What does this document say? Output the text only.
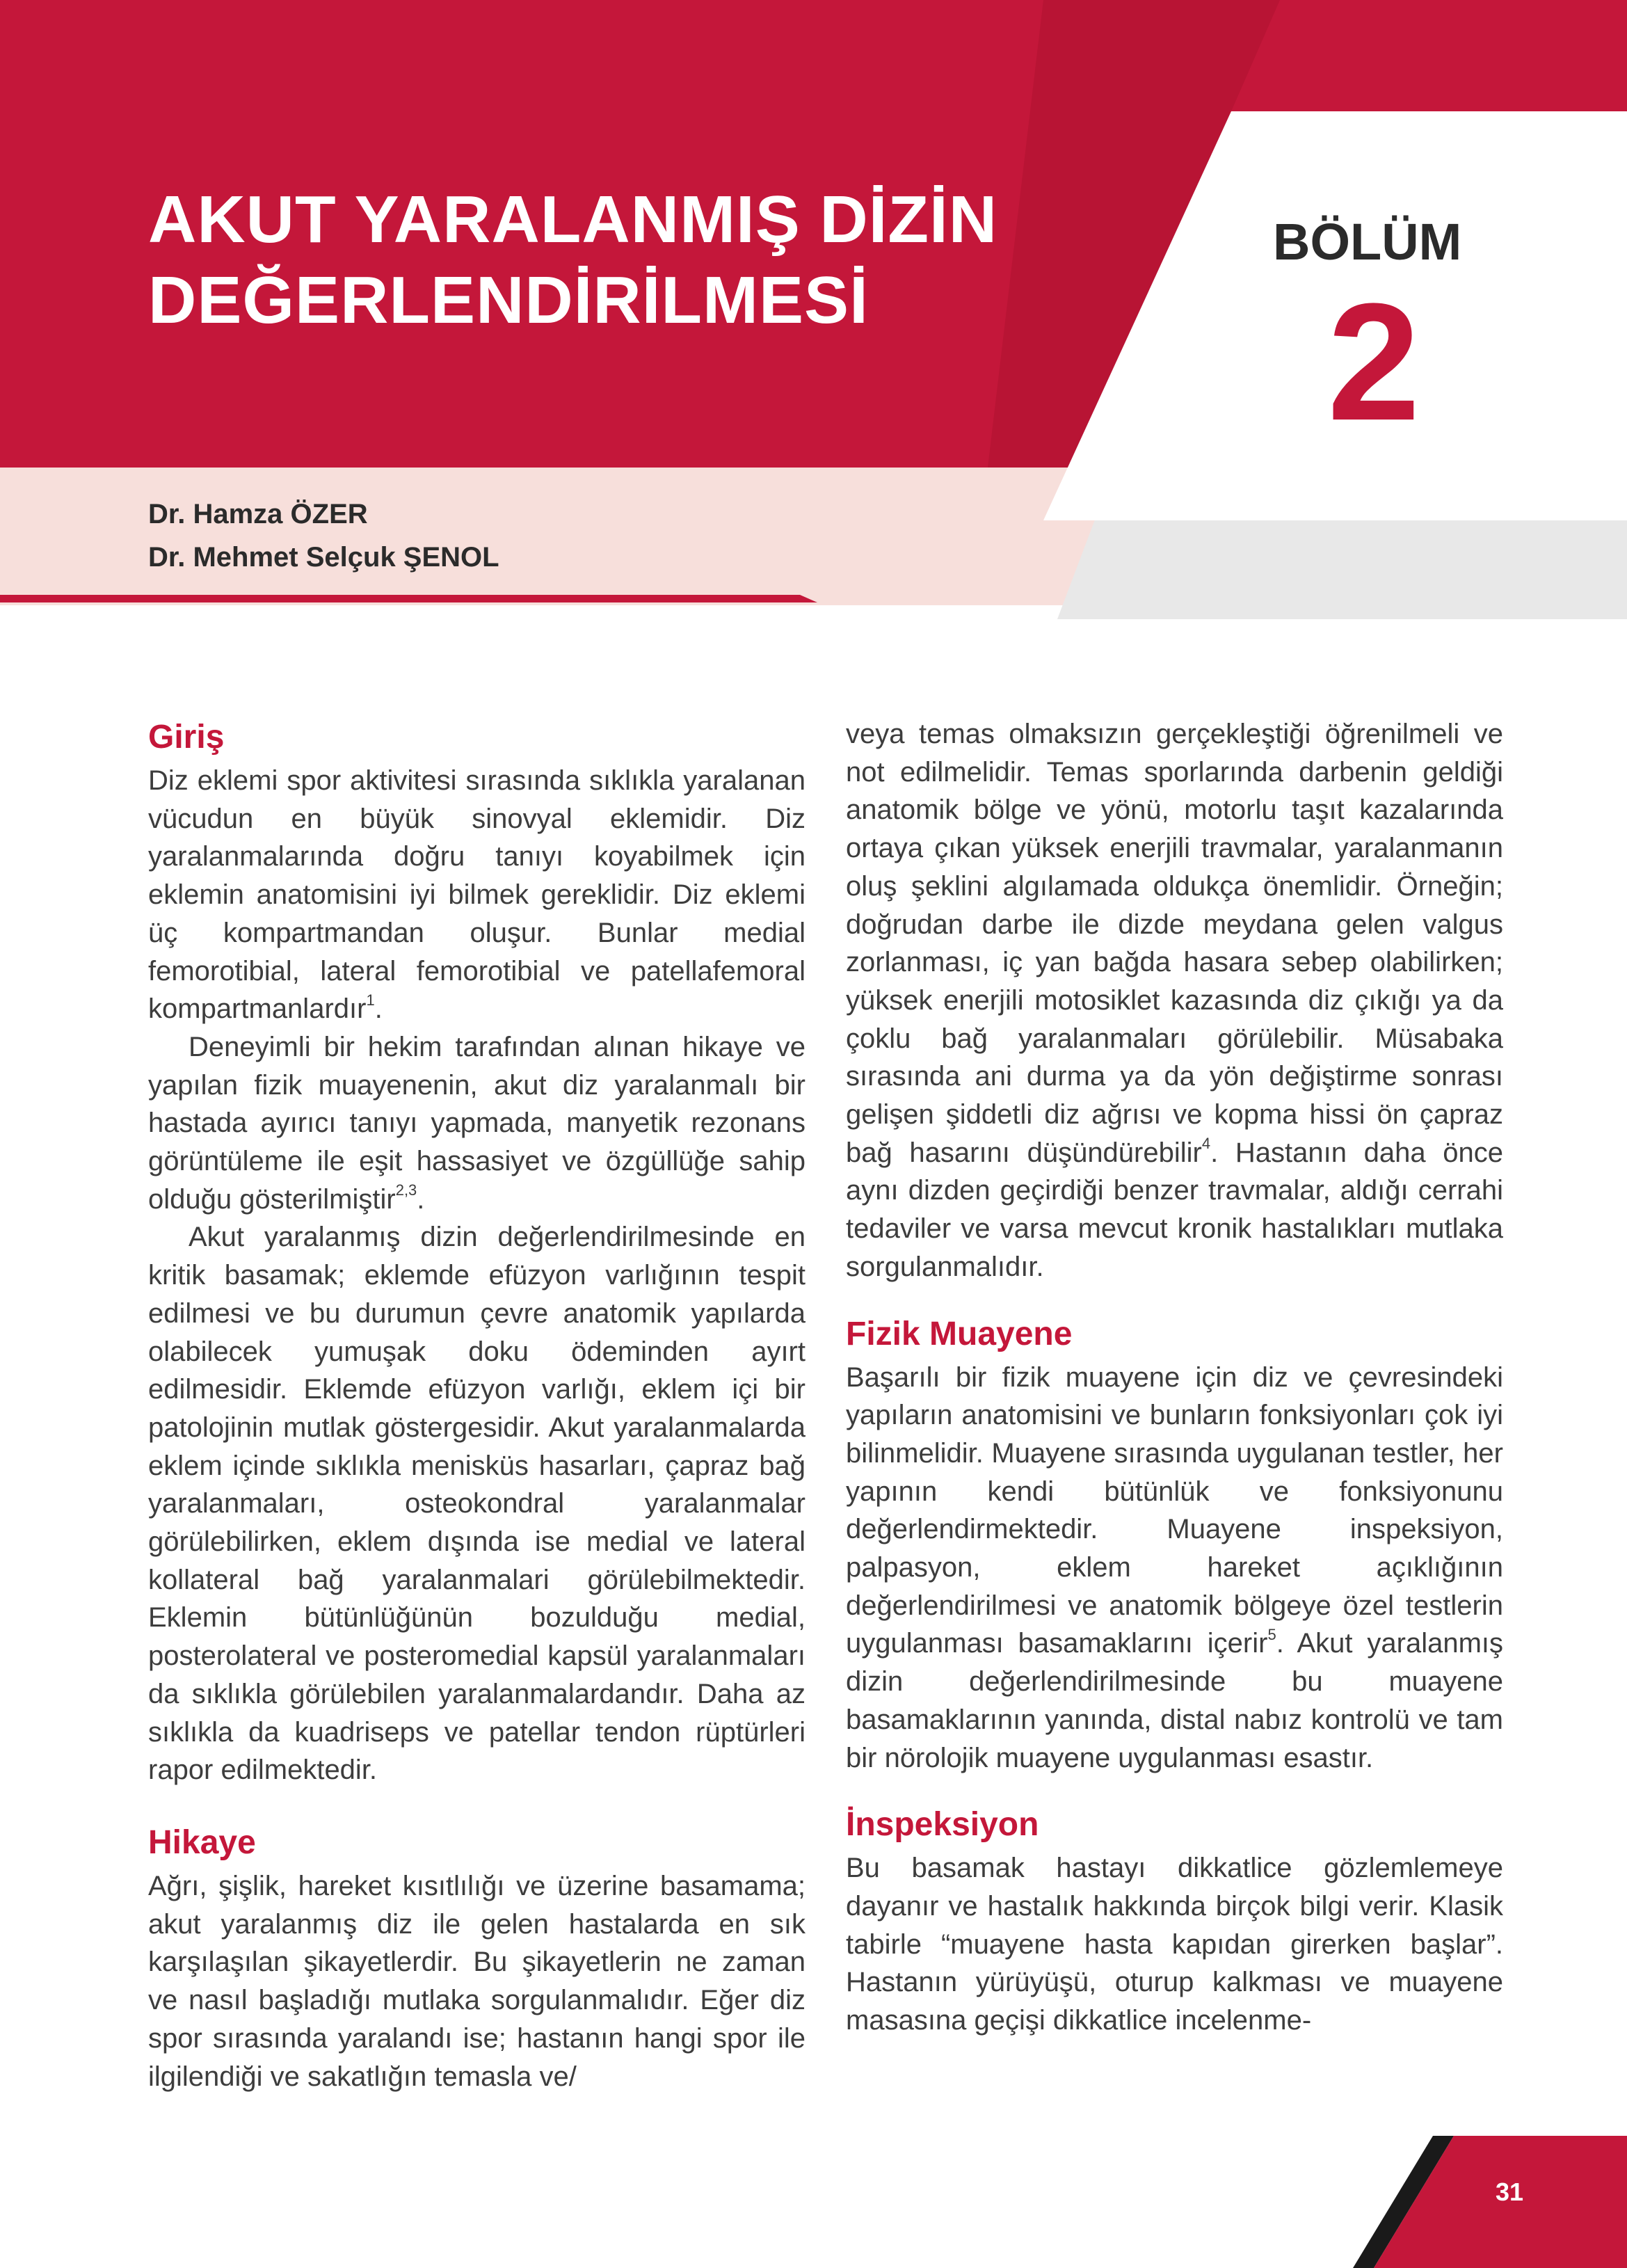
AKUT YARALANMIŞ DİZİN
DEĞERLENDİRİLMESİ
BÖLÜM
2
Dr. Hamza ÖZER
Dr. Mehmet Selçuk ŞENOL
Giriş

Diz eklemi spor aktivitesi sırasında sıklıkla yaralanan vücudun en büyük sinovyal eklemidir. Diz yaralanmalarında doğru tanıyı koyabilmek için eklemin anatomisini iyi bilmek gereklidir. Diz eklemi üç kompartmandan oluşur. Bunlar medial femorotibial, lateral femorotibial ve patellafemoral kompartmanlardır$^1$.

Deneyimli bir hekim tarafından alınan hikaye ve yapılan fizik muayenenin, akut diz yaralanmalı bir hastada ayırıcı tanıyı yapmada, manyetik rezonans görüntüleme ile eşit hassasiyet ve özgüllüğe sahip olduğu gösterilmiştir$^{2,3}$.

Akut yaralanmış dizin değerlendirilmesinde en kritik basamak; eklemde efüzyon varlığının tespit edilmesi ve bu durumun çevre anatomik yapılarda olabilecek yumuşak doku ödeminden ayırt edilmesidir. Eklemde efüzyon varlığı, eklem içi bir patolojinin mutlak göstergesidir. Akut yaralanmalarda eklem içinde sıklıkla menisküs hasarları, çapraz bağ yaralanmaları, osteokondral yaralanmalar görülebilirken, eklem dışında ise medial ve lateral kollateral bağ yaralanmalari görülebilmektedir. Eklemin bütünlüğünün bozulduğu medial, posterolateral ve posteromedial kapsül yaralanmaları da sıklıkla görülebilen yaralanmalardandır. Daha az sıklıkla da kuadriseps ve patellar tendon rüptürleri rapor edilmektedir.

Hikaye

Ağrı, şişlik, hareket kısıtlılığı ve üzerine basamama; akut yaralanmış diz ile gelen hastalarda en sık karşılaşılan şikayetlerdir. Bu şikayetlerin ne zaman ve nasıl başladığı mutlaka sorgulanmalıdır. Eğer diz spor sırasında yaralandı ise; hastanın hangi spor ile ilgilendiği ve sakatlığın temasla ve/

veya temas olmaksızın gerçekleştiği öğrenilmeli ve not edilmelidir. Temas sporlarında darbenin geldiği anatomik bölge ve yönü, motorlu taşıt kazalarında ortaya çıkan yüksek enerjili travmalar, yaralanmanın oluş şeklini algılamada oldukça önemlidir. Örneğin; doğrudan darbe ile dizde meydana gelen valgus zorlanması, iç yan bağda hasara sebep olabilirken; yüksek enerjili motosiklet kazasında diz çıkığı ya da çoklu bağ yaralanmaları görülebilir. Müsabaka sırasında ani durma ya da yön değiştirme sonrası gelişen şiddetli diz ağrısı ve kopma hissi ön çapraz bağ hasarını düşündürebilir$^4$. Hastanın daha önce aynı dizden geçirdiği benzer travmalar, aldığı cerrahi tedaviler ve varsa mevcut kronik hastalıkları mutlaka sorgulanmalıdır.

Fizik Muayene

Başarılı bir fizik muayene için diz ve çevresindeki yapıların anatomisini ve bunların fonksiyonları çok iyi bilinmelidir. Muayene sırasında uygulanan testler, her yapının kendi bütünlük ve fonksiyonunu değerlendirmektedir. Muayene inspeksiyon, palpasyon, eklem hareket açıklığının değerlendirilmesi ve anatomik bölgeye özel testlerin uygulanması basamaklarını içerir$^5$. Akut yaralanmış dizin değerlendirilmesinde bu muayene basamaklarının yanında, distal nabız kontrolü ve tam bir nörolojik muayene uygulanması esastır.

İnspeksiyon

Bu basamak hastayı dikkatlice gözlemlemeye dayanır ve hastalık hakkında birçok bilgi verir. Klasik tabirle “muayene hasta kapıdan girerken başlar”. Hastanın yürüyüşü, oturup kalkması ve muayene masasına geçişi dikkatlice incelenme-

31
